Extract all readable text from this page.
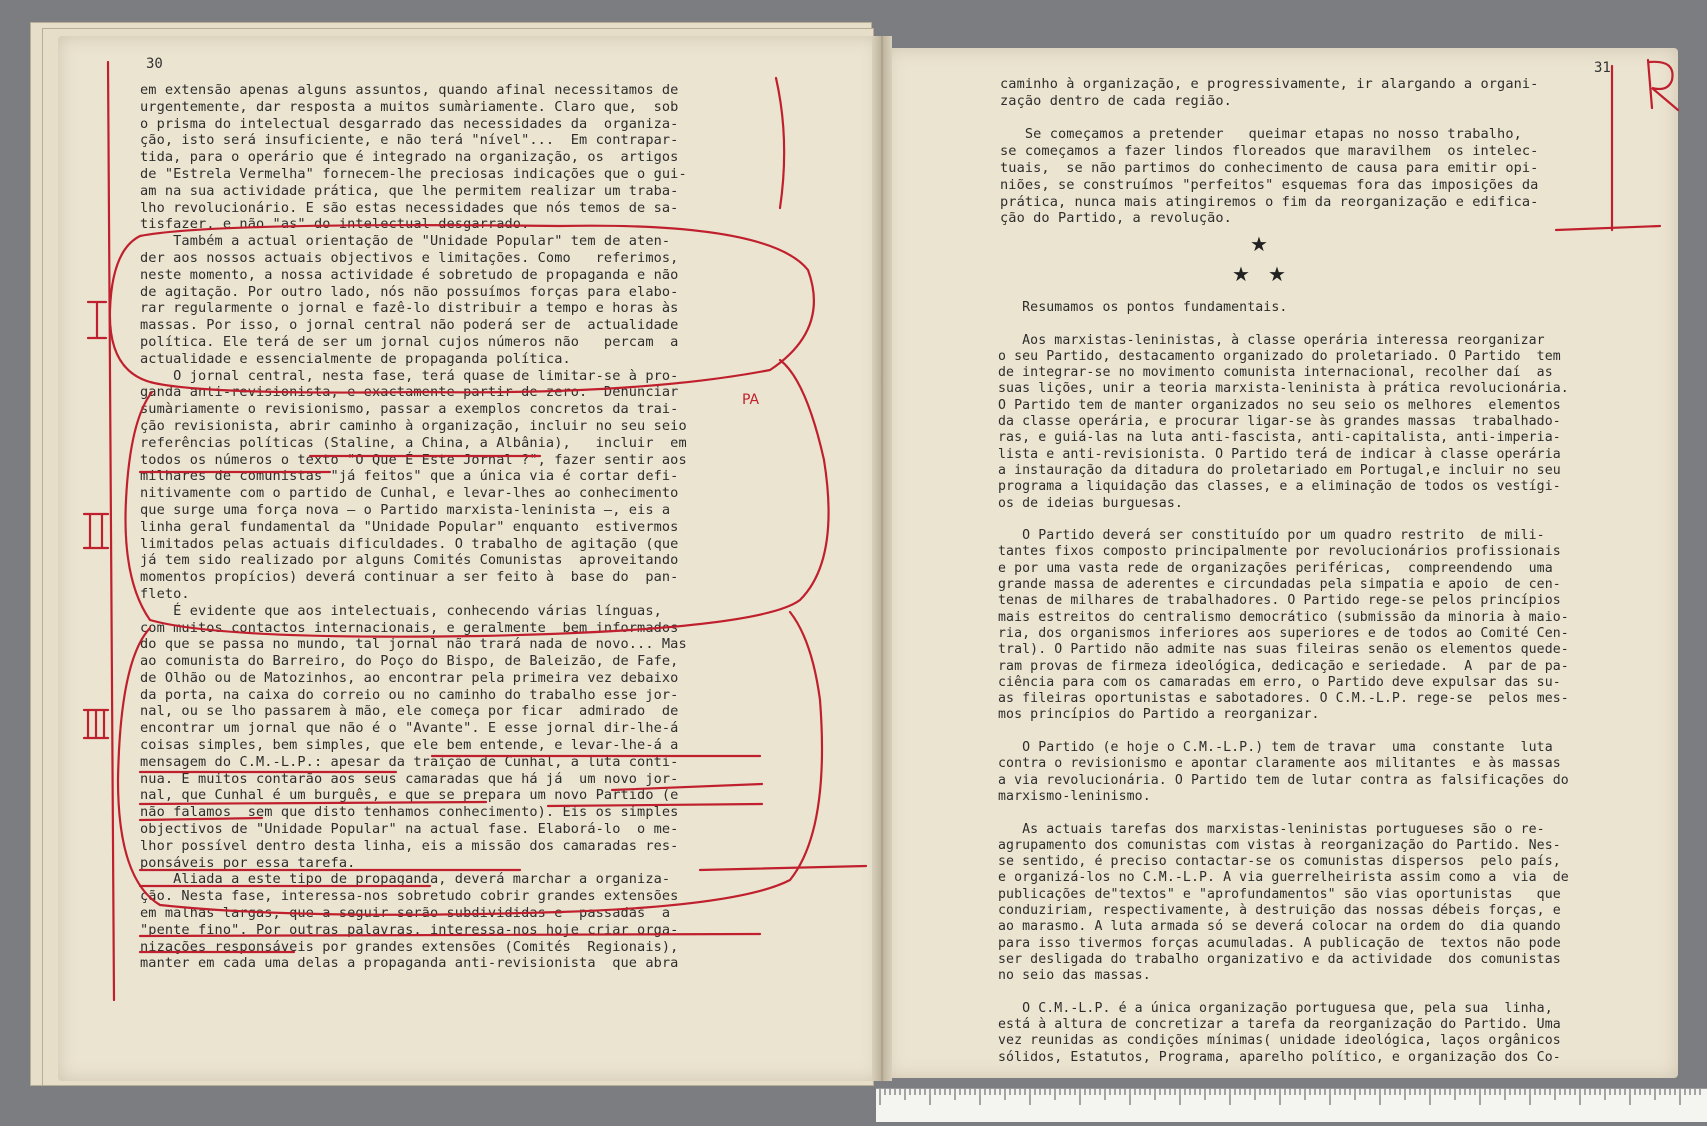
30	31
em extensão apenas alguns assuntos, quando afinal necessitamos de
urgentemente, dar resposta a muitos sumàriamente. Claro que,  sob
o prisma do intelectual desgarrado das necessidades da  organiza-
ção, isto será insuficiente, e não terá "nível"...  Em contrapar-
tida, para o operário que é integrado na organização, os  artigos
de "Estrela Vermelha" fornecem-lhe preciosas indicações que o gui-
am na sua actividade prática, que lhe permitem realizar um traba-
lho revolucionário. E são estas necessidades que nós temos de sa-
tisfazer, e não "as" do intelectual desgarrado.
Também a actual orientação de "Unidade Popular" tem de aten-
der aos nossos actuais objectivos e limitações. Como   referimos,
neste momento, a nossa actividade é sobretudo de propaganda e não
de agitação. Por outro lado, nós não possuímos forças para elabo-
rar regularmente o jornal e fazê-lo distribuir a tempo e horas às
massas. Por isso, o jornal central não poderá ser de  actualidade
política. Ele terá de ser um jornal cujos números não   percam  a
actualidade e essencialmente de propaganda política.
O jornal central, nesta fase, terá quase de limitar-se à pro-
ganda anti-revisionista, e exactamente partir de zero.  Denunciar
sumàriamente o revisionismo, passar a exemplos concretos da trai-
ção revisionista, abrir caminho à organização, incluir no seu seio
referências políticas (Staline, a China, a Albânia),   incluir  em
todos os números o texto "O Que É Este Jornal ?", fazer sentir aos
milhares de comunistas "já feitos" que a única via é cortar defi-
nitivamente com o partido de Cunhal, e levar-lhes ao conhecimento
que surge uma força nova — o Partido marxista-leninista —, eis a
linha geral fundamental da "Unidade Popular" enquanto  estivermos
limitados pelas actuais dificuldades. O trabalho de agitação (que
já tem sido realizado por alguns Comités Comunistas  aproveitando
momentos propícios) deverá continuar a ser feito à  base do  pan-
fleto.
É evidente que aos intelectuais, conhecendo várias línguas,
com muitos contactos internacionais, e geralmente  bem informados
do que se passa no mundo, tal jornal não trará nada de novo... Mas
ao comunista do Barreiro, do Poço do Bispo, de Baleizão, de Fafe,
de Olhão ou de Matozinhos, ao encontrar pela primeira vez debaixo
da porta, na caixa do correio ou no caminho do trabalho esse jor-
nal, ou se lho passarem à mão, ele começa por ficar  admirado  de
encontrar um jornal que não é o "Avante". E esse jornal dir-lhe-á
coisas simples, bem simples, que ele bem entende, e levar-lhe-á a
mensagem do C.M.-L.P.: apesar da traição de Cunhal, a luta conti-
nua. E muitos contarão aos seus camaradas que há já  um novo jor-
nal, que Cunhal é um burguês, e que se prepara um novo Partido (e
não falamos  sem que disto tenhamos conhecimento). Eis os simples
objectivos de "Unidade Popular" na actual fase. Elaborá-lo  o me-
lhor possível dentro desta linha, eis a missão dos camaradas res-
ponsáveis por essa tarefa.
Aliada a este tipo de propaganda, deverá marchar a organiza-
ção. Nesta fase, interessa-nos sobretudo cobrir grandes extensões
em malhas largas, que a seguir serão subdivididas e  passadas  a
"pente fino". Por outras palavras, interessa-nos hoje criar orga-
nizações responsáveis por grandes extensões (Comités  Regionais),
manter em cada uma delas a propaganda anti-revisionista  que abra
caminho à organização, e progressivamente, ir alargando a organi-
zação dentro de cada região.
Se começamos a pretender   queimar etapas no nosso trabalho,
se começamos a fazer lindos floreados que maravilhem  os intelec-
tuais,  se não partimos do conhecimento de causa para emitir opi-
niões, se construímos "perfeitos" esquemas fora das imposições da
prática, nunca mais atingiremos o fim da reorganização e edifica-
ção do Partido, a revolução.
★
★ ★
Resumamos os pontos fundamentais.
Aos marxistas-leninistas, à classe operária interessa reorganizar
o seu Partido, destacamento organizado do proletariado. O Partido  tem
de integrar-se no movimento comunista internacional, recolher daí  as
suas lições, unir a teoria marxista-leninista à prática revolucionária.
O Partido tem de manter organizados no seu seio os melhores  elementos
da classe operária, e procurar ligar-se às grandes massas  trabalhado-
ras, e guiá-las na luta anti-fascista, anti-capitalista, anti-imperia-
lista e anti-revisionista. O Partido terá de indicar à classe operária
a instauração da ditadura do proletariado em Portugal,e incluir no seu
programa a liquidação das classes, e a eliminação de todos os vestígi-
os de ideias burguesas.
O Partido deverá ser constituído por um quadro restrito  de mili-
tantes fixos composto principalmente por revolucionários profissionais
e por uma vasta rede de organizações periféricas,  compreendendo  uma
grande massa de aderentes e circundadas pela simpatia e apoio  de cen-
tenas de milhares de trabalhadores. O Partido rege-se pelos princípios
mais estreitos do centralismo democrático (submissão da minoria à maio-
ria, dos organismos inferiores aos superiores e de todos ao Comité Cen-
tral). O Partido não admite nas suas fileiras senão os elementos quede-
ram provas de firmeza ideológica, dedicação e seriedade.  A  par de pa-
ciência para com os camaradas em erro, o Partido deve expulsar das su-
as fileiras oportunistas e sabotadores. O C.M.-L.P. rege-se  pelos mes-
mos princípios do Partido a reorganizar.
O Partido (e hoje o C.M.-L.P.) tem de travar  uma  constante  luta
contra o revisionismo e apontar claramente aos militantes  e às massas
a via revolucionária. O Partido tem de lutar contra as falsificações do
marxismo-leninismo.
As actuais tarefas dos marxistas-leninistas portugueses são o re-
agrupamento dos comunistas com vistas à reorganização do Partido. Nes-
se sentido, é preciso contactar-se os comunistas dispersos  pelo país,
e organizá-los no C.M.-L.P. A via guerrelheirista assim como a  via  de
publicações de"textos" e "aprofundamentos" são vias oportunistas   que
conduziriam, respectivamente, à destruição das nossas débeis forças, e
ao marasmo. A luta armada só se deverá colocar na ordem do  dia quando
para isso tivermos forças acumuladas. A publicação de  textos não pode
ser desligada do trabalho organizativo e da actividade  dos comunistas
no seio das massas.
O C.M.-L.P. é a única organização portuguesa que, pela sua  linha,
está à altura de concretizar a tarefa da reorganização do Partido. Uma
vez reunidas as condições mínimas( unidade ideológica, laços orgânicos
sólidos, Estatutos, Programa, aparelho político, e organização dos Co-
PA
